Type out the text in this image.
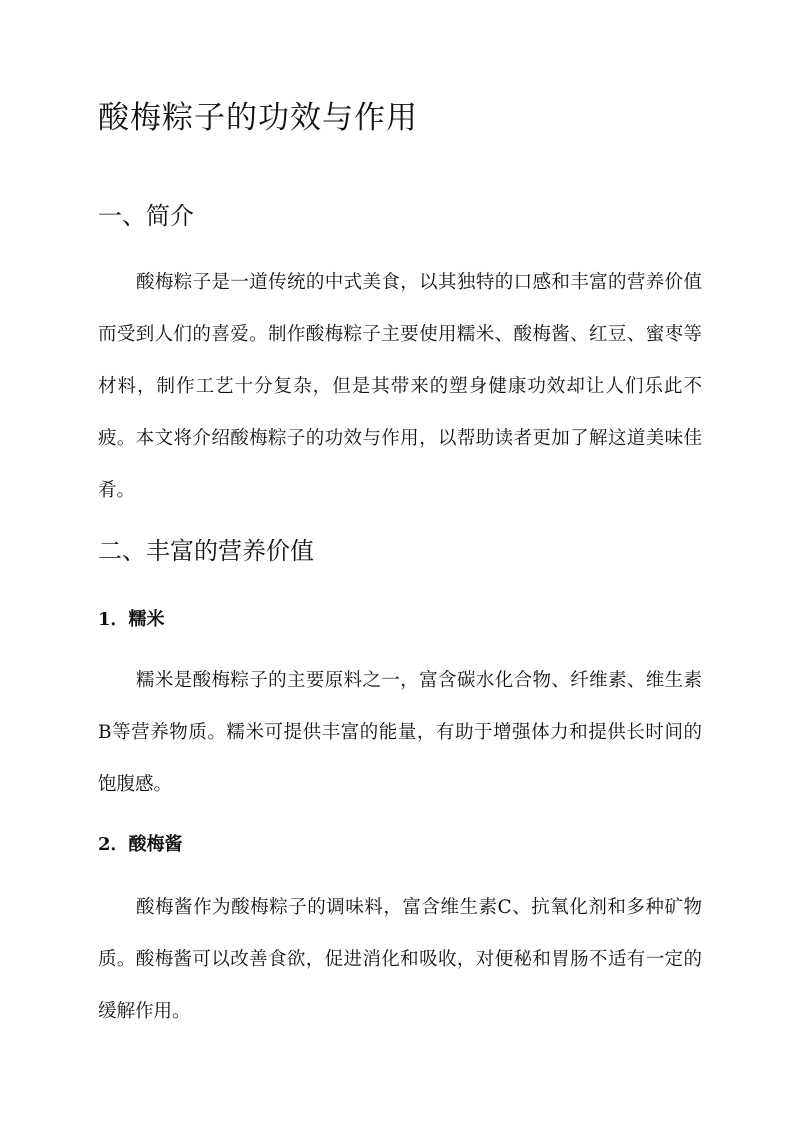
酸梅粽子的功效与作用
一、简介

酸梅粽子是一道传统的中式美食，以其独特的口感和丰富的营养价值而受到人们的喜爱。制作酸梅粽子主要使用糯米、酸梅酱、红豆、蜜枣等材料，制作工艺十分复杂，但是其带来的塑身健康功效却让人们乐此不疲。本文将介绍酸梅粽子的功效与作用，以帮助读者更加了解这道美味佳肴。

二、丰富的营养价值
1．糯米

糯米是酸梅粽子的主要原料之一，富含碳水化合物、纤维素、维生素B等营养物质。糯米可提供丰富的能量，有助于增强体力和提供长时间的饱腹感。

2．酸梅酱

酸梅酱作为酸梅粽子的调味料，富含维生素C、抗氧化剂和多种矿物质。酸梅酱可以改善食欲，促进消化和吸收，对便秘和胃肠不适有一定的缓解作用。
